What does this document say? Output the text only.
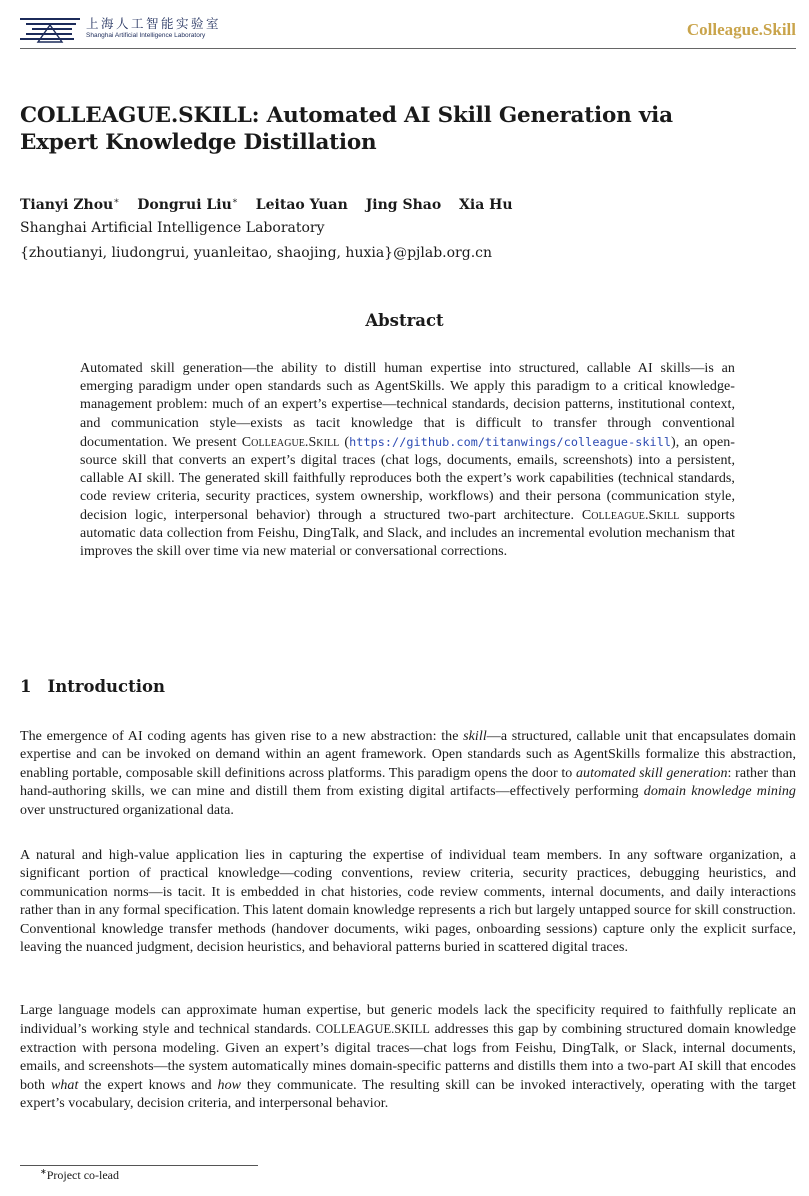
上海人工智能实验室
Shanghai Artificial Intelligence Laboratory	Colleague.Skill
COLLEAGUE.SKILL: Automated AI Skill Generation via
Expert Knowledge Distillation
Tianyi Zhou∗ Dongrui Liu∗ Leitao Yuan Jing Shao Xia Hu
Shanghai Artificial Intelligence Laboratory
{zhoutianyi, liudongrui, yuanleitao, shaojing, huxia}@pjlab.org.cn
Abstract

Automated skill generation—the ability to distill human expertise into structured, callable AI skills—is an emerging paradigm under open standards such as AgentSkills. We apply this paradigm to a critical knowledge-management problem: much of an expert’s expertise—technical standards, decision patterns, institutional context, and communication style—exists as tacit knowledge that is difficult to transfer through conventional documentation. We present Colleague.Skill (https://github.com/titanwings/colleague-skill), an open-source skill that converts an expert’s digital traces (chat logs, documents, emails, screenshots) into a persistent, callable AI skill. The generated skill faithfully reproduces both the expert’s work capabilities (technical standards, code review criteria, security practices, system ownership, workflows) and their persona (communication style, decision logic, interpersonal behavior) through a structured two-part architecture. Colleague.Skill supports automatic data collection from Feishu, DingTalk, and Slack, and includes an incremental evolution mechanism that improves the skill over time via new material or conversational corrections.

1 Introduction

The emergence of AI coding agents has given rise to a new abstraction: the skill—a structured, callable unit that encapsulates domain expertise and can be invoked on demand within an agent framework. Open standards such as AgentSkills formalize this abstraction, enabling portable, composable skill definitions across platforms. This paradigm opens the door to automated skill generation: rather than hand-authoring skills, we can mine and distill them from existing digital artifacts—effectively performing domain knowledge mining over unstructured organizational data.

A natural and high-value application lies in capturing the expertise of individual team members. In any software organization, a significant portion of practical knowledge—coding conventions, review criteria, security practices, debugging heuristics, and communication norms—is tacit. It is embedded in chat histories, code review comments, internal documents, and daily interactions rather than in any formal specification. This latent domain knowledge represents a rich but largely untapped source for skill construction. Conventional knowledge transfer methods (handover documents, wiki pages, onboarding sessions) capture only the explicit surface, leaving the nuanced judgment, decision heuristics, and behavioral patterns buried in scattered digital traces.

Large language models can approximate human expertise, but generic models lack the specificity required to faithfully replicate an individual’s working style and technical standards. COLLEAGUE.SKILL addresses this gap by combining structured domain knowledge extraction with persona modeling. Given an expert’s digital traces—chat logs from Feishu, DingTalk, or Slack, internal documents, emails, and screenshots—the system automatically mines domain-specific patterns and distills them into a two-part AI skill that encodes both what the expert knows and how they communicate. The resulting skill can be invoked interactively, operating with the target expert’s vocabulary, decision criteria, and interpersonal behavior.

∗Project co-lead
